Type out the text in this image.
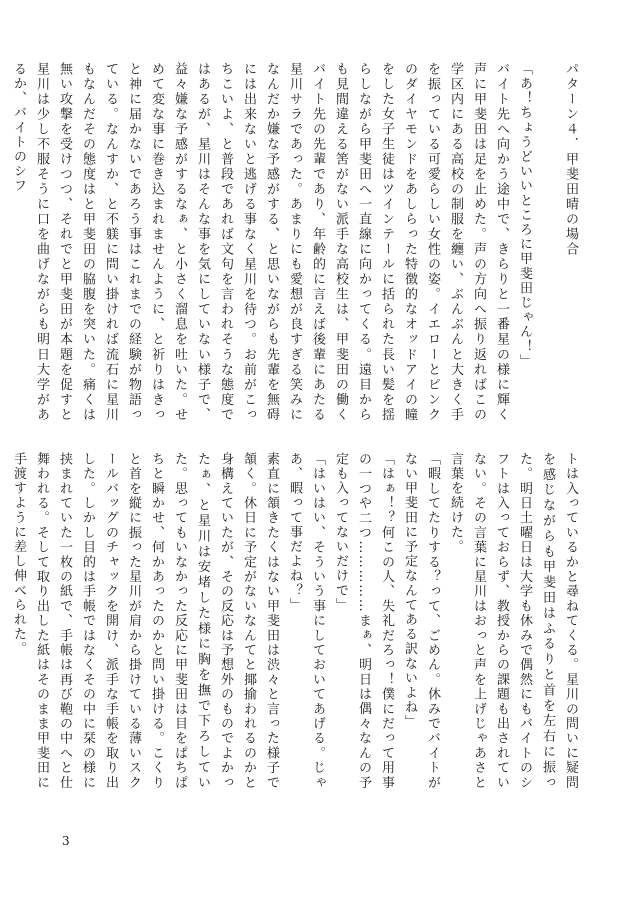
パターン４．甲斐田晴の場合

「あ！ちょうどいいところに甲斐田じゃん！」

バイト先へ向かう途中で、きらりと一番星の様に輝く声に甲斐田は足を止めた。声の方向へ振り返ればこの学区内にある高校の制服を纏い、ぶんぶんと大きく手を振っている可愛らしい女性の姿。イエローとピンクのダイヤモンドをあしらった特徴的なオッドアイの瞳をした女子生徒はツインテールに括られた長い髪を揺らしながら甲斐田へ一直線に向かってくる。遠目からも見間違える筈がない派手な高校生は、甲斐田の働くバイト先の先輩であり、年齢的に言えば後輩にあたる星川サラであった。あまりにも愛想が良すぎる笑みになんだか嫌な予感がする、と思いながらも先輩を無碍には出来ないと逃げる事なく星川を待つ。お前がこっちこいよ、と普段であれば文句を言われそうな態度ではあるが、星川はそんな事を気にしていない様子で、益々嫌な予感がするなぁ、と小さく溜息を吐いた。せめて変な事に巻き込まれませんように、と祈りはきっと神に届かないであろう事はこれまでの経験が物語っている。なんすか、と不躾に問い掛ければ流石に星川もなんだその態度はと甲斐田の脇腹を突いた。痛くは無い攻撃を受けつつ、それでと甲斐田が本題を促すと星川は少し不服そうに口を曲げながらも明日大学があるか、バイトのシフ

トは入っているかと尋ねてくる。星川の問いに疑問を感じながらも甲斐田はふるりと首を左右に振った。明日土曜日は大学も休みで偶然にもバイトのシフトは入っておらず、教授からの課題も出されていない。その言葉に星川はおっと声を上げじゃあさと言葉を続けた。

「暇してたりする？って、ごめん。休みでバイトがない甲斐田に予定なんてある訳ないよね」

「はぁ！？何この人、失礼だろっ！僕にだって用事の一つや二つ……………まぁ、明日は偶々なんの予定も入ってないだけで」

「はいはい、そういう事にしておいてあげる。じゃあ、暇って事だよね？」

素直に頷きたくはない甲斐田は渋々と言った様子で頷く。休日に予定がないなんてと揶揄われるのかと身構えていたが、その反応は予想外のものでよかったぁ、と星川は安堵した様に胸を撫で下ろしていた。思ってもいなかった反応に甲斐田は目をぱちぱちと瞬かせ、何かあったのかと問い掛ける。こくりと首を縦に振った星川が肩から掛けている薄いスクールバッグのチャックを開け、派手な手帳を取り出した。しかし目的は手帳ではなくその中に栞の様に挟まれていた一枚の紙で、手帳は再び鞄の中へと仕舞われる。そして取り出した紙はそのまま甲斐田に手渡すように差し伸べられた。

3
